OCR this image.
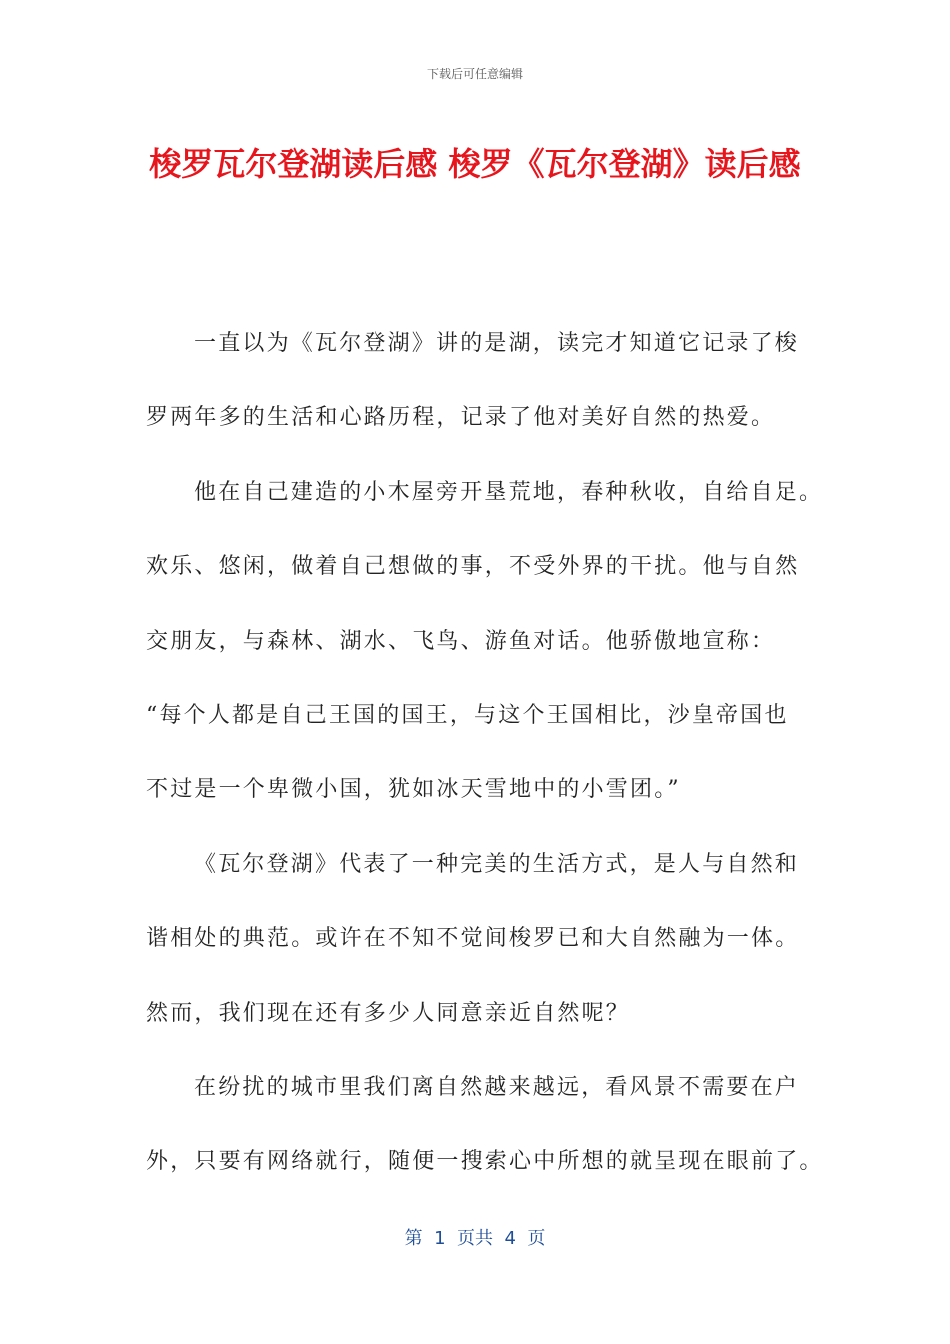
下载后可任意编辑
梭罗瓦尔登湖读后感 梭罗《瓦尔登湖》读后感
一直以为《瓦尔登湖》讲的是湖，读完才知道它记录了梭
罗两年多的生活和心路历程，记录了他对美好自然的热爱。
他在自己建造的小木屋旁开垦荒地，春种秋收，自给自足。
欢乐、悠闲，做着自己想做的事，不受外界的干扰。他与自然
交朋友，与森林、湖水、飞鸟、游鱼对话。他骄傲地宣称：
“每个人都是自己王国的国王，与这个王国相比，沙皇帝国也
不过是一个卑微小国，犹如冰天雪地中的小雪团。”
《瓦尔登湖》代表了一种完美的生活方式，是人与自然和
谐相处的典范。或许在不知不觉间梭罗已和大自然融为一体。
然而，我们现在还有多少人同意亲近自然呢？
在纷扰的城市里我们离自然越来越远，看风景不需要在户
外，只要有网络就行，随便一搜索心中所想的就呈现在眼前了。
第  1  页共  4  页
